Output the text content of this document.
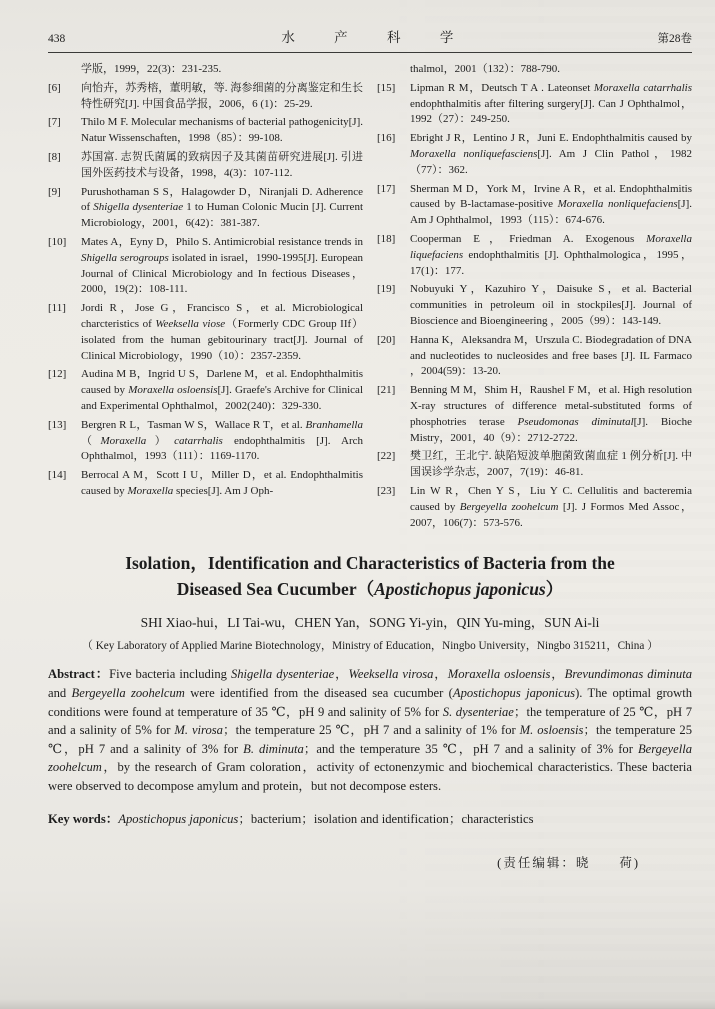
438	水 产 科 学	第28卷
学版，1999，22(3)：231-235.
[6]	向怡卉，苏秀榕，董明敏，等. 海参细菌的分离鉴定和生长特性研究[J]. 中国食品学报，2006，6 (1)：25-29.
[7]	Thilo M F. Molecular mechanisms of bacterial pathogenicity[J]. Natur Wissenschaften，1998（85）：99-108.
[8]	苏国富. 志贺氏菌属的致病因子及其菌苗研究进展[J]. 引进国外医药技术与设备，1998，4(3)：107-112.
[9]	Purushothaman S S，Halagowder D，Niranjali D. Adherence of Shigella dysenteriae 1 to Human Colonic Mucin [J]. Current Microbiology，2001，6(42)：381-387.
[10]	Mates A，Eyny D，Philo S. Antimicrobial resistance trends in Shigella serogroups isolated in israel，1990-1995[J]. European Journal of Clinical Microbiology and In fectious Diseases，2000，19(2)：108-111.
[11]	Jordi R，Jose G，Francisco S，et al. Microbiological charcteristics of Weeksella viose（Formerly CDC Group IIf）isolated from the human gebitourinary tract[J]. Journal of Clinical Microbiology，1990（10）：2357-2359.
[12]	Audina M B，Ingrid U S，Darlene M，et al. Endophthalmitis caused by Moraxella osloensis[J]. Graefe's Archive for Clinical and Experimental Ophthalmol，2002(240)：329-330.
[13]	Bergren R L，Tasman W S，Wallace R T，et al. Branhamella（Moraxella）catarrhalis endophthalmitis [J]. Arch Ophthalmol，1993（111）：1169-1170.
[14]	Berrocal A M，Scott I U，Miller D，et al. Endophthalmitis caused by Moraxella species[J]. Am J Oph-
thalmol，2001（132）：788-790.
[15]	Lipman R M，Deutsch T A . Lateonset Moraxella catarrhalis endophthalmitis after filtering surgery[J]. Can J Ophthalmol，1992（27）：249-250.
[16]	Ebright J R，Lentino J R，Juni E. Endophthalmitis caused by Moraxella nonliquefasciens[J]. Am J Clin Pathol，1982（77）：362.
[17]	Sherman M D，York M，Irvine A R，et al. Endophthalmitis caused by B-lactamase-positive Moraxella nonliquefaciens[J]. Am J Ophthalmol，1993（115）：674-676.
[18]	Cooperman E，Friedman A. Exogenous Moraxella liquefaciens endophthalmitis [J]. Ophthalmologica，1995，17(1)：177.
[19]	Nobuyuki Y，Kazuhiro Y，Daisuke S，et al. Bacterial communities in petroleum oil in stockpiles[J]. Journal of Bioscience and Bioengineering ，2005（99）：143-149.
[20]	Hanna K，Aleksandra M，Urszula C. Biodegradation of DNA and nucleotides to nucleosides and free bases [J]. IL Farmaco ，2004(59)：13-20.
[21]	Benning M M，Shim H，Raushel F M，et al. High resolution X-ray structures of difference metal-substituted forms of phosphotries terase Pseudomonas diminutal[J]. Bioche Mistry，2001，40（9）：2712-2722.
[22]	樊卫红，王北宁. 缺陷短波单胞菌致菌血症 1 例分析[J]. 中国误诊学杂志，2007，7(19)：46-81.
[23]	Lin W R，Chen Y S，Liu Y C. Cellulitis and bacteremia caused by Bergeyella zoohelcum [J]. J Formos Med Assoc，2007，106(7)：573-576.

Isolation，Identification and Characteristics of Bacteria from the
Diseased Sea Cucumber（Apostichopus japonicus）

SHI Xiao-hui，LI Tai-wu，CHEN Yan，SONG Yi-yin，QIN Yu-ming，SUN Ai-li
（ Key Laboratory of Applied Marine Biotechnology，Ministry of Education，Ningbo University，Ningbo 315211，China ）

Abstract：Five bacteria including Shigella dysenteriae，Weeksella virosa，Moraxella osloensis，Brevundimonas diminuta and Bergeyella zoohelcum were identified from the diseased sea cucumber (Apostichopus japonicus). The optimal growth conditions were found at temperature of 35 ℃，pH 9 and salinity of 5% for S. dysenteriae；the temperature of 25 ℃，pH 7 and a salinity of 5% for M. virosa；the temperature 25 ℃，pH 7 and a salinity of 1% for M. osloensis；the temperature 25 ℃，pH 7 and a salinity of 3% for B. diminuta；and the temperature 35 ℃，pH 7 and a salinity of 3% for Bergeyella zoohelcum，by the research of Gram coloration，activity of ectonenzymic and biochemical characteristics. These bacteria were observed to decompose amylum and protein，but not decompose esters.

Key words：Apostichopus japonicus；bacterium；isolation and identification；characteristics

(责任编辑：晓　　荷)
